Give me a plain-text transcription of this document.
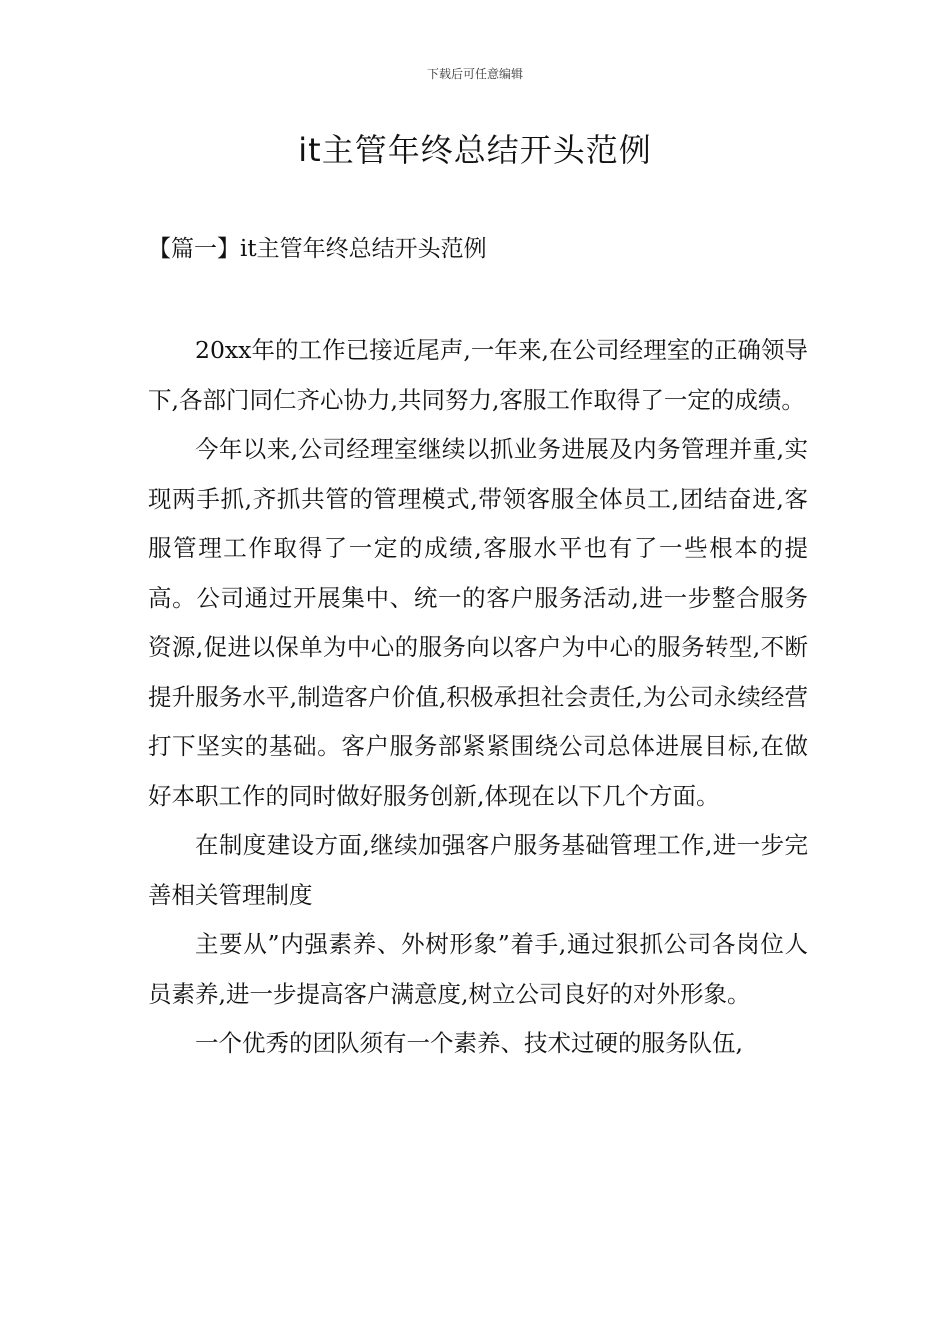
下载后可任意编辑
it主管年终总结开头范例
【篇一】it主管年终总结开头范例

20xx年的工作已接近尾声,一年来,在公司经理室的正确领导下,各部门同仁齐心协力,共同努力,客服工作取得了一定的成绩。

今年以来,公司经理室继续以抓业务进展及内务管理并重,实现两手抓,齐抓共管的管理模式,带领客服全体员工,团结奋进,客服管理工作取得了一定的成绩,客服水平也有了一些根本的提高。公司通过开展集中、统一的客户服务活动,进一步整合服务资源,促进以保单为中心的服务向以客户为中心的服务转型,不断提升服务水平,制造客户价值,积极承担社会责任,为公司永续经营打下坚实的基础。客户服务部紧紧围绕公司总体进展目标,在做好本职工作的同时做好服务创新,体现在以下几个方面。

在制度建设方面,继续加强客户服务基础管理工作,进一步完善相关管理制度

主要从”内强素养、外树形象”着手,通过狠抓公司各岗位人员素养,进一步提高客户满意度,树立公司良好的对外形象。

一个优秀的团队须有一个素养、技术过硬的服务队伍,
